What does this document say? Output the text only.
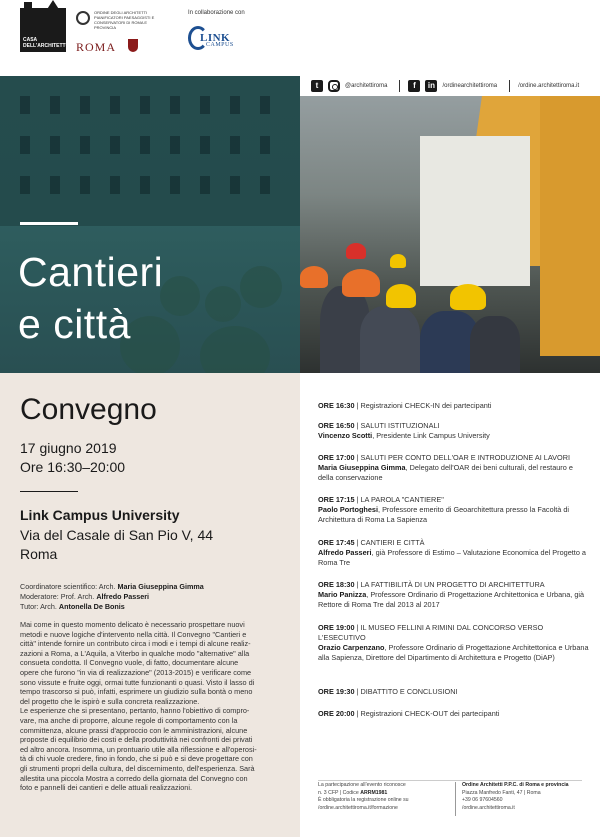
CASA DELL'ARCHITETTURA
ORDINE DEGLI ARCHITETTI PIANIFICATORI PAESAGGISTI E CONSERVATORI DI ROMA E PROVINCIA
ROMA
In collaborazione con
LINK
CAMPUS
t	@architettiroma	f	in	/ordinearchitettiroma	/ordine.architettiroma.it
Cantieri
e città
Convegno
17 giugno 2019
Ore 16:30–20:00
Link Campus University
Via del Casale di San Pio V, 44
Roma
Coordinatore scientifico: Arch. Maria Giuseppina Gimma
Moderatore: Prof. Arch. Alfredo Passeri
Tutor: Arch. Antonella De Bonis
Mai come in questo momento delicato è necessario prospettare nuovi
metodi e nuove logiche d'intervento nella città. Il Convegno "Cantieri e
città" intende fornire un contributo circa i modi e i tempi di alcune realiz-
zazioni a Roma, a L'Aquila, a Viterbo in qualche modo "alternative" alla
consueta condotta. Il Convegno vuole, di fatto, documentare alcune
opere che furono "in via di realizzazione" (2013-2015) e verificare come
sono vissute e fruite oggi, ormai tutte funzionanti o quasi. Visto il lasso di
tempo trascorso si può, infatti, esprimere un giudizio sulla bontà o meno
del progetto che le ispirò e sulla concreta realizzazione.
Le esperienze che si presentano, pertanto, hanno l'obiettivo di compro-
vare, ma anche di proporre, alcune regole di comportamento con la
committenza, alcune prassi d'approccio con le amministrazioni, alcune
proposte di equilibrio dei costi e della produttività nei confronti dei privati
ed altro ancora. Insomma, un prontuario utile alla riflessione e all'operosi-
tà di chi vuole credere, fino in fondo, che si può e si deve progettare con
gli strumenti propri della cultura, del discernimento, dell'esperienza. Sarà
allestita una piccola Mostra a corredo della giornata del Convegno con
foto e pannelli dei cantieri e delle attuali realizzazioni.
ORE 16:30 | Registrazioni CHECK-IN dei partecipanti
ORE 16:50 | SALUTI ISTITUZIONALI
Vincenzo Scotti, Presidente Link Campus University
ORE 17:00 | SALUTI PER CONTO DELL'OAR E INTRODUZIONE AI LAVORI
Maria Giuseppina Gimma, Delegato dell'OAR dei beni culturali, del restauro e della conservazione
ORE 17:15 | LA PAROLA "CANTIERE"
Paolo Portoghesi, Professore emerito di Geoarchitettura presso la Facoltà di Architettura di Roma La Sapienza
ORE 17:45 | CANTIERI E CITTÀ
Alfredo Passeri, già Professore di Estimo – Valutazione Economica del Progetto a Roma Tre
ORE 18:30 | LA FATTIBILITÀ DI UN PROGETTO DI ARCHITETTURA
Mario Panizza, Professore Ordinario di Progettazione Architettonica e Urbana, già Rettore di Roma Tre dal 2013 al 2017
ORE 19:00 | IL MUSEO FELLINI A RIMINI DAL CONCORSO VERSO L'ESECUTIVO
Orazio Carpenzano, Professore Ordinario di Progettazione Architettonica e Urbana alla Sapienza, Direttore del Dipartimento di Architettura e Progetto (DiAP)
ORE 19:30 | DIBATTITO E CONCLUSIONI
ORE 20:00 | Registrazioni CHECK-OUT dei partecipanti
La partecipazione all'evento riconosce
n. 3 CFP | Codice ARRM1981
È obbligatoria la registrazione online su
/ordine.architettiroma.it/formazione
Ordine Architetti P.P.C. di Roma e provincia
Piazza Manfredo Fanti, 47 | Roma
+39 06 97604560
/ordine.architettiroma.it
